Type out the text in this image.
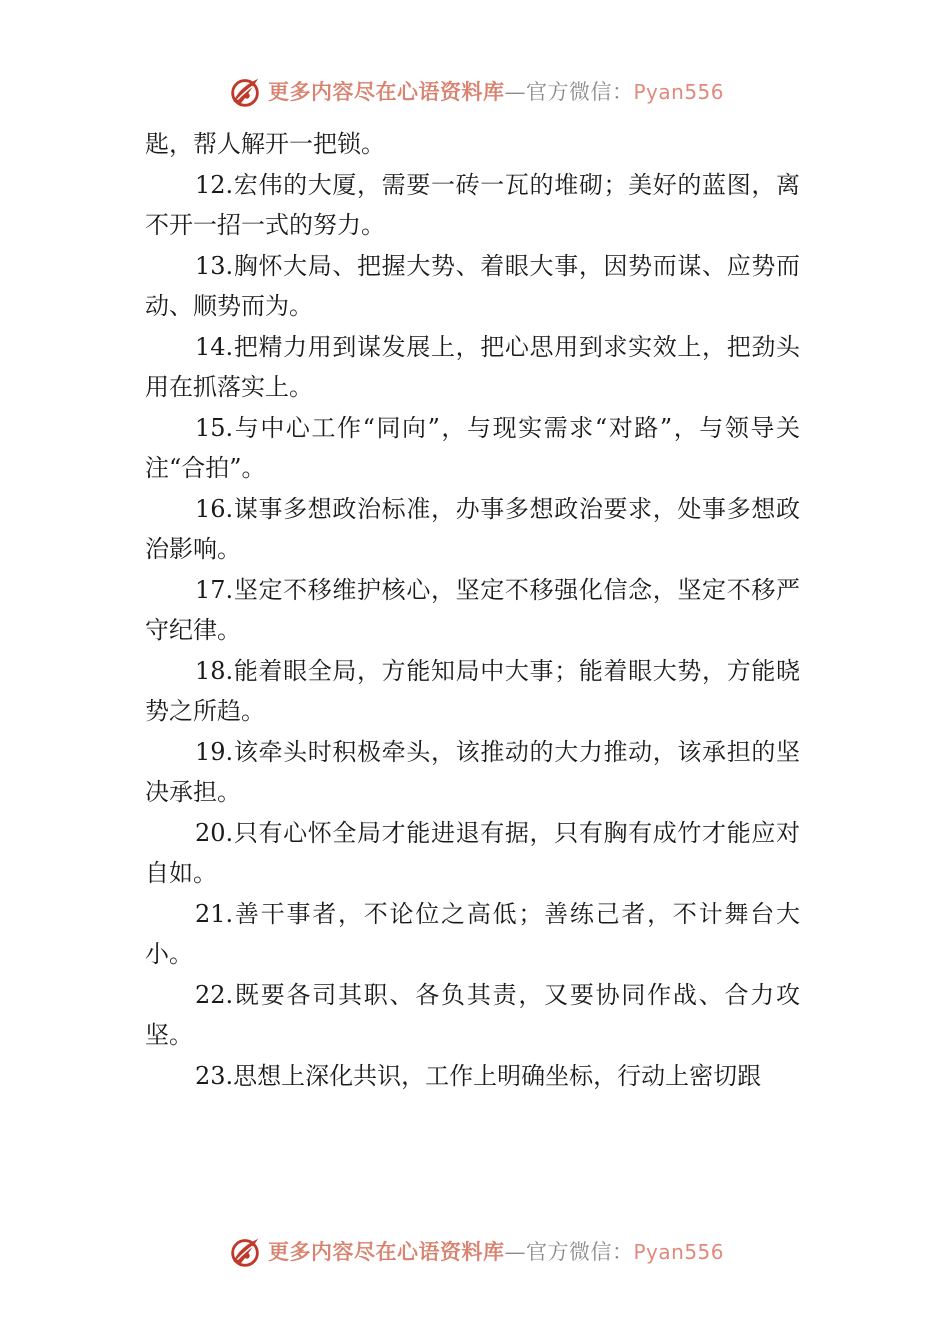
更多内容尽在心语资料库 —官方微信： Pyan556

匙，帮人解开一把锁。

12.宏伟的大厦，需要一砖一瓦的堆砌；美好的蓝图，离不开一招一式的努力。

13.胸怀大局、把握大势、着眼大事，因势而谋、应势而动、顺势而为。

14.把精力用到谋发展上，把心思用到求实效上，把劲头用在抓落实上。

15.与中心工作“同向”，与现实需求“对路”，与领导关注“合拍”。

16.谋事多想政治标准，办事多想政治要求，处事多想政治影响。

17.坚定不移维护核心，坚定不移强化信念，坚定不移严守纪律。

18.能着眼全局，方能知局中大事；能着眼大势，方能晓势之所趋。

19.该牵头时积极牵头，该推动的大力推动，该承担的坚决承担。

20.只有心怀全局才能进退有据，只有胸有成竹才能应对自如。

21.善干事者，不论位之高低；善练己者，不计舞台大小。

22.既要各司其职、各负其责，又要协同作战、合力攻坚。

23.思想上深化共识，工作上明确坐标，行动上密切跟

更多内容尽在心语资料库 —官方微信： Pyan556
